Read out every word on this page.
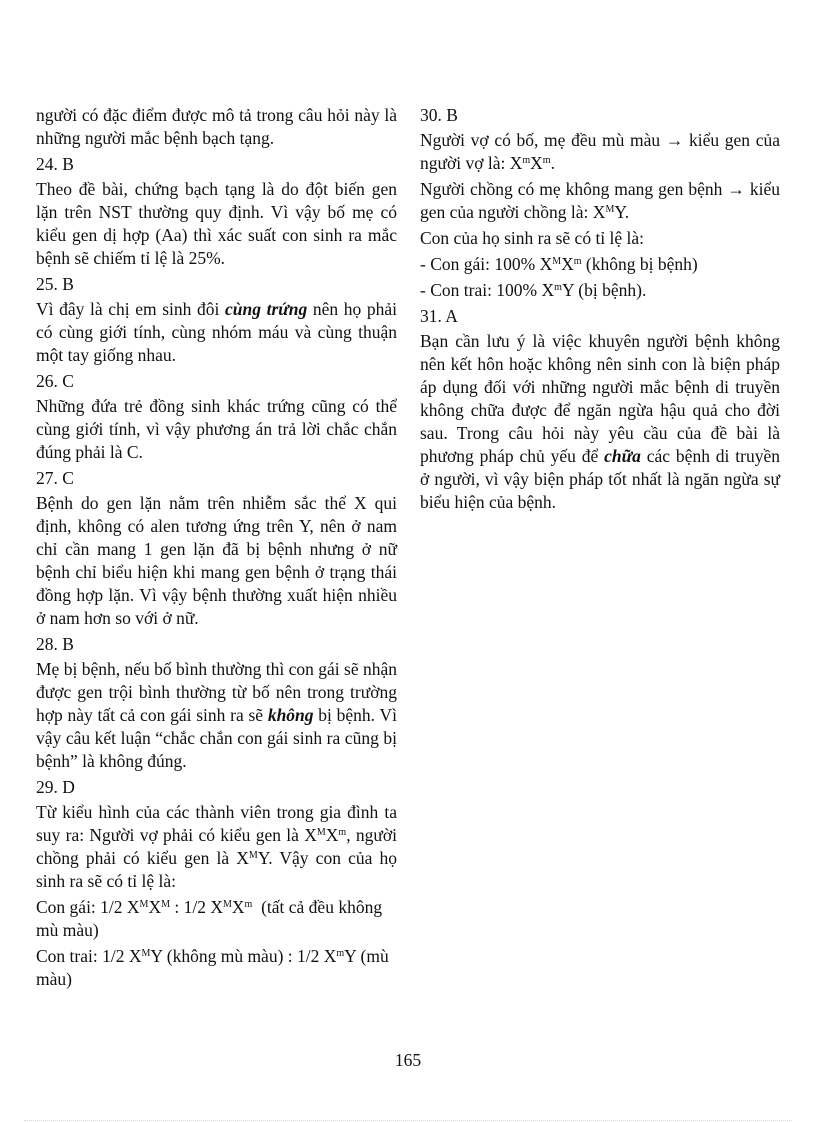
người có đặc điểm được mô tả trong câu hỏi này là những người mắc bệnh bạch tạng.

24. B

Theo đề bài, chứng bạch tạng là do đột biến gen lặn trên NST thường quy định. Vì vậy bố mẹ có kiểu gen dị hợp (Aa) thì xác suất con sinh ra mắc bệnh sẽ chiếm tỉ lệ là 25%.

25. B

Vì đây là chị em sinh đôi cùng trứng nên họ phải có cùng giới tính, cùng nhóm máu và cùng thuận một tay giống nhau.

26. C

Những đứa trẻ đồng sinh khác trứng cũng có thể cùng giới tính, vì vậy phương án trả lời chắc chắn đúng phải là C.

27. C

Bệnh do gen lặn nằm trên nhiễm sắc thể X qui định, không có alen tương ứng trên Y, nên ở nam chỉ cần mang 1 gen lặn đã bị bệnh nhưng ở nữ bệnh chỉ biểu hiện khi mang gen bệnh ở trạng thái đồng hợp lặn. Vì vậy bệnh thường xuất hiện nhiều ở nam hơn so với ở nữ.

28. B

Mẹ bị bệnh, nếu bố bình thường thì con gái sẽ nhận được gen trội bình thường từ bố nên trong trường hợp này tất cả con gái sinh ra sẽ không bị bệnh. Vì vậy câu kết luận “chắc chắn con gái sinh ra cũng bị bệnh” là không đúng.

29. D

Từ kiểu hình của các thành viên trong gia đình ta suy ra: Người vợ phải có kiểu gen là $X^MX^m$, người chồng phải có kiểu gen là $X^MY$. Vậy con của họ sinh ra sẽ có tỉ lệ là:

Con gái: 1/2 $X^MX^M$ : 1/2 $X^MX^m$  (tất cả đều không mù màu)

Con trai: 1/2 $X^MY$ (không mù màu) : 1/2 $X^mY$ (mù màu)

30. B

Người vợ có bố, mẹ đều mù màu → kiểu gen của người vợ là: $X^mX^m$.

Người chồng có mẹ không mang gen bệnh → kiểu gen của người chồng là: $X^MY$.

Con của họ sinh ra sẽ có tỉ lệ là:

- Con gái: 100% $X^MX^m$ (không bị bệnh)

- Con trai: 100% $X^mY$ (bị bệnh).

31. A

Bạn cần lưu ý là việc khuyên người bệnh không nên kết hôn hoặc không nên sinh con là biện pháp áp dụng đối với những người mắc bệnh di truyền không chữa được để ngăn ngừa hậu quả cho đời sau. Trong câu hỏi này yêu cầu của đề bài là phương pháp chủ yếu để chữa các bệnh di truyền ở người, vì vậy biện pháp tốt nhất là ngăn ngừa sự biểu hiện của bệnh.

165
